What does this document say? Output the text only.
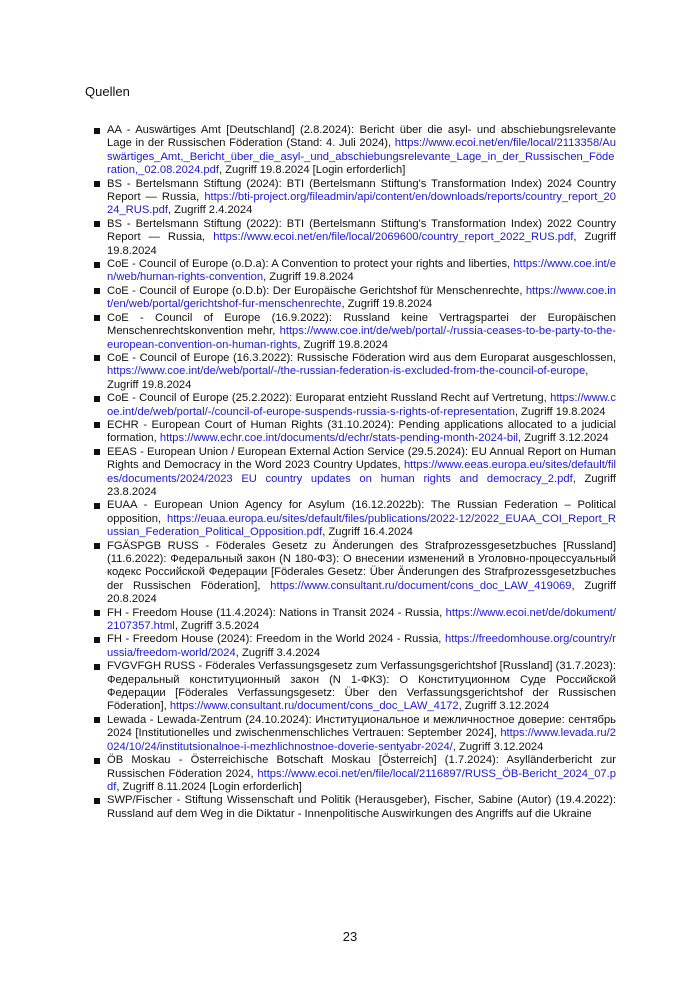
Quellen
AA - Auswärtiges Amt [Deutschland] (2.8.2024): Bericht über die asyl- und abschiebungsrelevante Lage in der Russischen Föderation (Stand: 4. Juli 2024), https://www.ecoi.net/en/file/local/2113358/Auswärtiges_Amt,_Bericht_über_die_asyl-_und_abschiebungsrelevante_Lage_in_der_Russischen_Föderation,_02.08.2024.pdf, Zugriff 19.8.2024 [Login erforderlich]
BS - Bertelsmann Stiftung (2024): BTI (Bertelsmann Stiftung's Transformation Index) 2024 Country Report — Russia, https://bti-project.org/fileadmin/api/content/en/downloads/reports/country_report_2024_RUS.pdf, Zugriff 2.4.2024
BS - Bertelsmann Stiftung (2022): BTI (Bertelsmann Stiftung's Transformation Index) 2022 Country Report — Russia, https://www.ecoi.net/en/file/local/2069600/country_report_2022_RUS.pdf, Zugriff 19.8.2024
CoE - Council of Europe (o.D.a): A Convention to protect your rights and liberties, https://www.coe.int/en/web/human-rights-convention, Zugriff 19.8.2024
CoE - Council of Europe (o.D.b): Der Europäische Gerichtshof für Menschenrechte, https://www.coe.int/en/web/portal/gerichtshof-fur-menschenrechte, Zugriff 19.8.2024
CoE - Council of Europe (16.9.2022): Russland keine Vertragspartei der Europäischen Menschenrechtskonvention mehr, https://www.coe.int/de/web/portal/-/russia-ceases-to-be-party-to-the-european-convention-on-human-rights, Zugriff 19.8.2024
CoE - Council of Europe (16.3.2022): Russische Föderation wird aus dem Europarat ausgeschlossen, https://www.coe.int/de/web/portal/-/the-russian-federation-is-excluded-from-the-council-of-europe, Zugriff 19.8.2024
CoE - Council of Europe (25.2.2022): Europarat entzieht Russland Recht auf Vertretung, https://www.coe.int/de/web/portal/-/council-of-europe-suspends-russia-s-rights-of-representation, Zugriff 19.8.2024
ECHR - European Court of Human Rights (31.10.2024): Pending applications allocated to a judicial formation, https://www.echr.coe.int/documents/d/echr/stats-pending-month-2024-bil, Zugriff 3.12.2024
EEAS - European Union / European External Action Service (29.5.2024): EU Annual Report on Human Rights and Democracy in the Word 2023 Country Updates, https://www.eeas.europa.eu/sites/default/files/documents/2024/2023 EU country updates on human rights and democracy_2.pdf, Zugriff 23.8.2024
EUAA - European Union Agency for Asylum (16.12.2022b): The Russian Federation – Political opposition, https://euaa.europa.eu/sites/default/files/publications/2022-12/2022_EUAA_COI_Report_Russian_Federation_Political_Opposition.pdf, Zugriff 16.4.2024
FGÄSPGB RUSS - Föderales Gesetz zu Änderungen des Strafprozessgesetzbuches [Russland] (11.6.2022): Федеральный закон (N 180-ФЗ): О внесении изменений в Уголовно-процессуальный кодекс Российской Федерации [Föderales Gesetz: Über Änderungen des Strafprozessgesetzbuches der Russischen Föderation], https://www.consultant.ru/document/cons_doc_LAW_419069, Zugriff 20.8.2024
FH - Freedom House (11.4.2024): Nations in Transit 2024 - Russia, https://www.ecoi.net/de/dokument/2107357.html, Zugriff 3.5.2024
FH - Freedom House (2024): Freedom in the World 2024 - Russia, https://freedomhouse.org/country/russia/freedom-world/2024, Zugriff 3.4.2024
FVGVFGH RUSS - Föderales Verfassungsgesetz zum Verfassungsgerichtshof [Russland] (31.7.2023): Федеральный конституционный закон (N 1-ФКЗ): О Конституционном Суде Российской Федерации [Föderales Verfassungsgesetz: Über den Verfassungsgerichtshof der Russischen Föderation], https://www.consultant.ru/document/cons_doc_LAW_4172, Zugriff 3.12.2024
Lewada - Lewada-Zentrum (24.10.2024): Институциональное и межличностное доверие: сентябрь 2024 [Institutionelles und zwischenmenschliches Vertrauen: September 2024], https://www.levada.ru/2024/10/24/institutsionalnoe-i-mezhlichnostnoe-doverie-sentyabr-2024/, Zugriff 3.12.2024
ÖB Moskau - Österreichische Botschaft Moskau [Österreich] (1.7.2024): Asylländerbericht zur Russischen Föderation 2024, https://www.ecoi.net/en/file/local/2116897/RUSS_ÖB-Bericht_2024_07.pdf, Zugriff 8.11.2024 [Login erforderlich]
SWP/Fischer - Stiftung Wissenschaft und Politik (Herausgeber), Fischer, Sabine (Autor) (19.4.2022): Russland auf dem Weg in die Diktatur - Innenpolitische Auswirkungen des Angriffs auf die Ukraine

23
